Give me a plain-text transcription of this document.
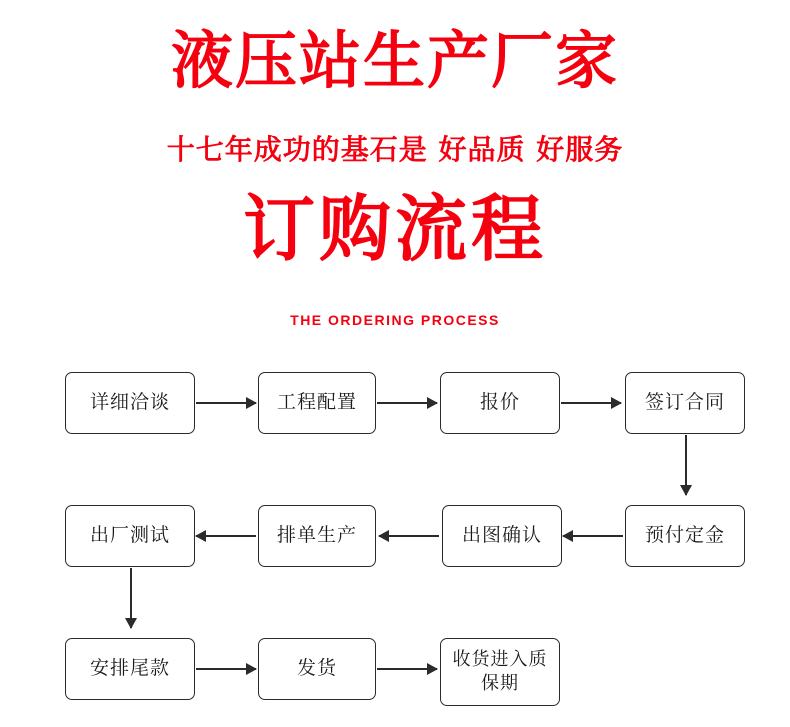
液压站生产厂家
十七年成功的基石是 好品质 好服务
订购流程
THE ORDERING PROCESS
详细洽谈	工程配置	报价	签订合同
预付定金
出图确认
排单生产
出厂测试
安排尾款	发货	收货进入质保期
